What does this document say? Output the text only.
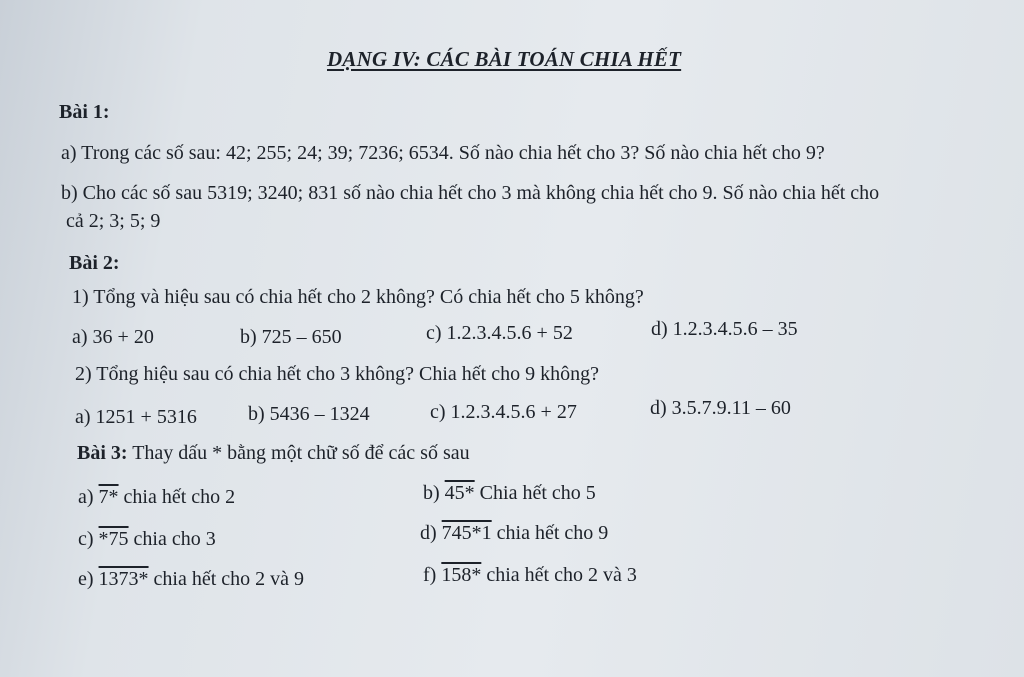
DẠNG IV: CÁC BÀI TOÁN CHIA HẾT
Bài 1:
a) Trong các số sau: 42; 255; 24; 39; 7236; 6534. Số nào chia hết cho 3? Số nào chia hết cho 9?
b) Cho các số sau 5319; 3240; 831 số nào chia hết cho 3 mà không chia hết cho 9. Số nào chia hết cho
cả 2; 3; 5; 9
Bài 2:
1) Tổng và hiệu sau có chia hết cho 2 không? Có chia hết cho 5 không?
a) 36 + 20	b) 725 – 650	c) 1.2.3.4.5.6 + 52	d) 1.2.3.4.5.6 – 35
2) Tổng hiệu sau có chia hết cho 3 không? Chia hết cho 9 không?
a) 1251 + 5316	b) 5436 – 1324	c) 1.2.3.4.5.6 + 27	d) 3.5.7.9.11 – 60
Bài 3: Thay dấu * bằng một chữ số để các số sau
a) 7* chia hết cho 2	b) 45* Chia hết cho 5
c) *75 chia cho 3	d) 745*1 chia hết cho 9
e) 1373* chia hết cho 2 và 9	f) 158* chia hết cho 2 và 3
